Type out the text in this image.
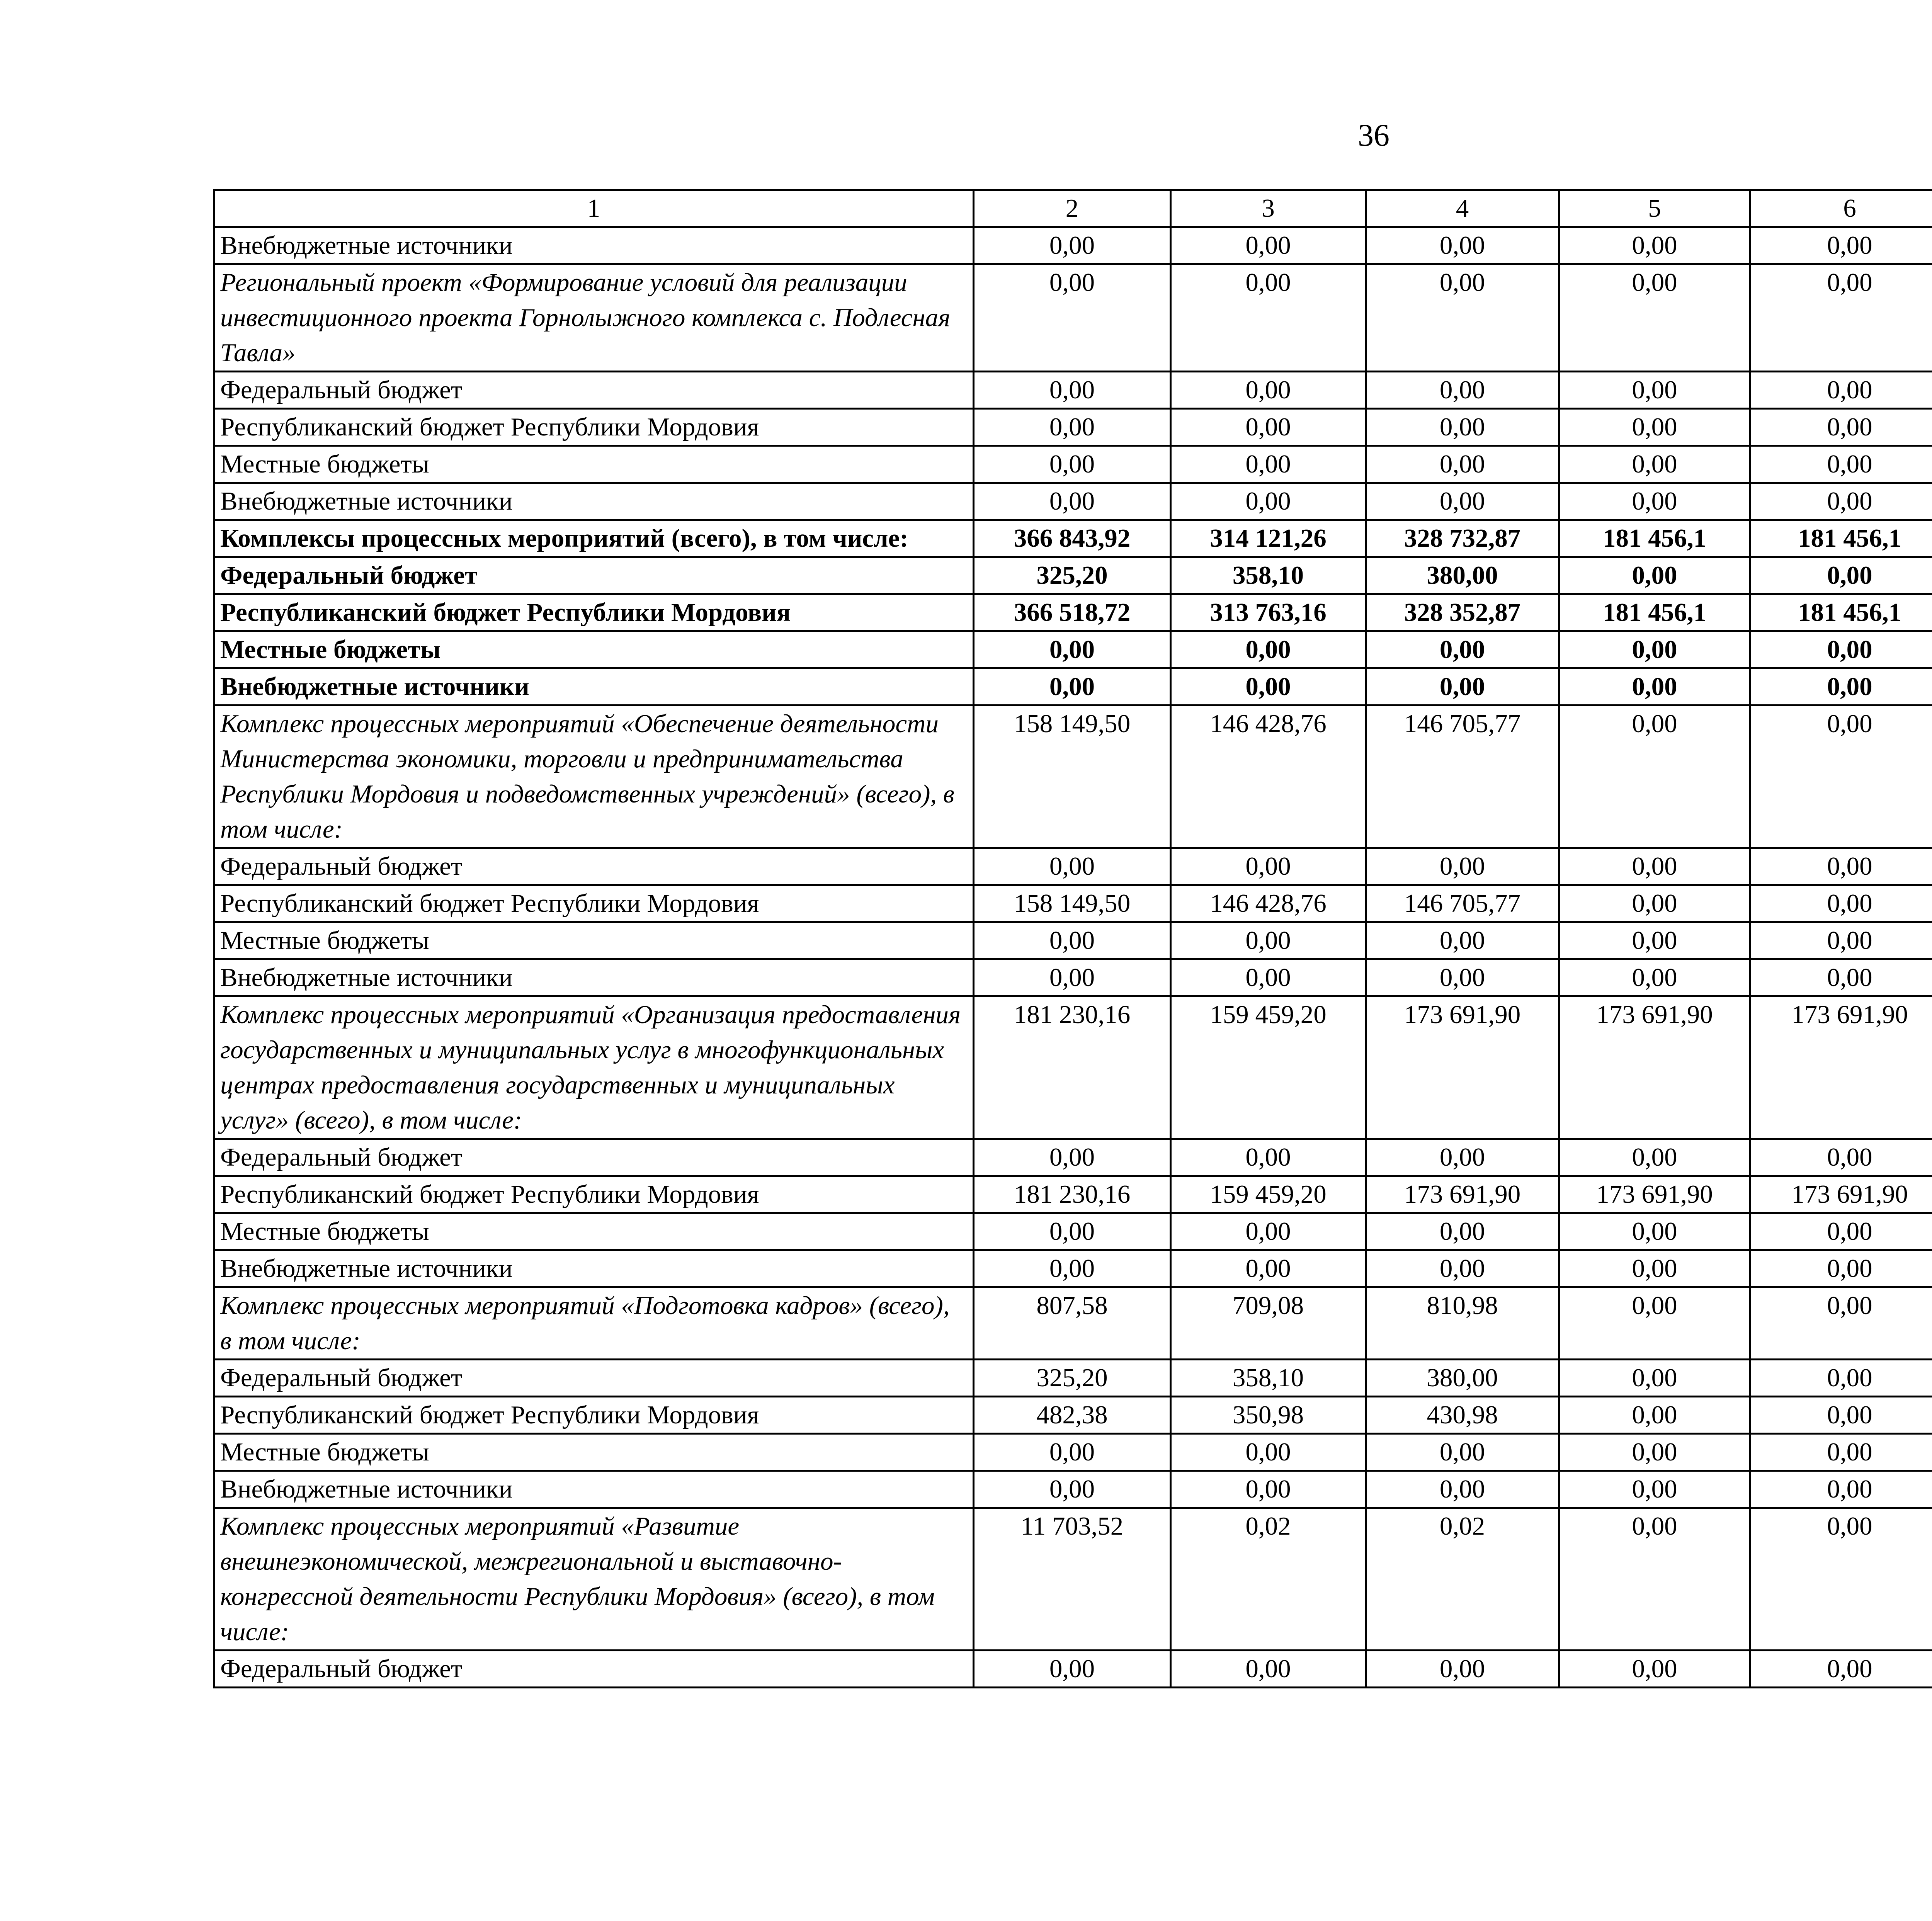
36
1	2	3	4	5	6			
Внебюджетные источники	0,00	0,00	0,00	0,00	0,00			
Региональный проект «Формирование условий для реализации инвестиционного проекта Горнолыжного комплекса с. Подлесная Тавла»	0,00	0,00	0,00	0,00	0,00			
Федеральный бюджет	0,00	0,00	0,00	0,00	0,00			
Республиканский бюджет Республики Мордовия	0,00	0,00	0,00	0,00	0,00			
Местные бюджеты	0,00	0,00	0,00	0,00	0,00			
Внебюджетные источники	0,00	0,00	0,00	0,00	0,00			
Комплексы процессных мероприятий (всего), в том числе:	366 843,92	314 121,26	328 732,87	181 456,1	181 456,1			
Федеральный бюджет	325,20	358,10	380,00	0,00	0,00			
Республиканский бюджет Республики Мордовия	366 518,72	313 763,16	328 352,87	181 456,1	181 456,1			
Местные бюджеты	0,00	0,00	0,00	0,00	0,00			
Внебюджетные источники	0,00	0,00	0,00	0,00	0,00			
Комплекс процессных мероприятий «Обеспечение деятельности Министерства экономики, торговли и предпринимательства Республики Мордовия и подведомственных учреждений» (всего), в том числе:	158 149,50	146 428,76	146 705,77	0,00	0,00			
Федеральный бюджет	0,00	0,00	0,00	0,00	0,00			
Республиканский бюджет Республики Мордовия	158 149,50	146 428,76	146 705,77	0,00	0,00			
Местные бюджеты	0,00	0,00	0,00	0,00	0,00			
Внебюджетные источники	0,00	0,00	0,00	0,00	0,00			
Комплекс процессных мероприятий «Организация предоставления государственных и муниципальных услуг в многофункциональных центрах предоставления государственных и муниципальных услуг» (всего), в том числе:	181 230,16	159 459,20	173 691,90	173 691,90	173 691,90			
Федеральный бюджет	0,00	0,00	0,00	0,00	0,00			
Республиканский бюджет Республики Мордовия	181 230,16	159 459,20	173 691,90	173 691,90	173 691,90			
Местные бюджеты	0,00	0,00	0,00	0,00	0,00			
Внебюджетные источники	0,00	0,00	0,00	0,00	0,00			
Комплекс процессных мероприятий «Подготовка кадров» (всего), в том числе:	807,58	709,08	810,98	0,00	0,00			
Федеральный бюджет	325,20	358,10	380,00	0,00	0,00			
Республиканский бюджет Республики Мордовия	482,38	350,98	430,98	0,00	0,00			
Местные бюджеты	0,00	0,00	0,00	0,00	0,00			
Внебюджетные источники	0,00	0,00	0,00	0,00	0,00			
Комплекс процессных мероприятий «Развитие внешнеэкономической, межрегиональной и выставочно-конгрессной деятельности Республики Мордовия» (всего), в том числе:	11 703,52	0,02	0,02	0,00	0,00			
Федеральный бюджет	0,00	0,00	0,00	0,00	0,00			
